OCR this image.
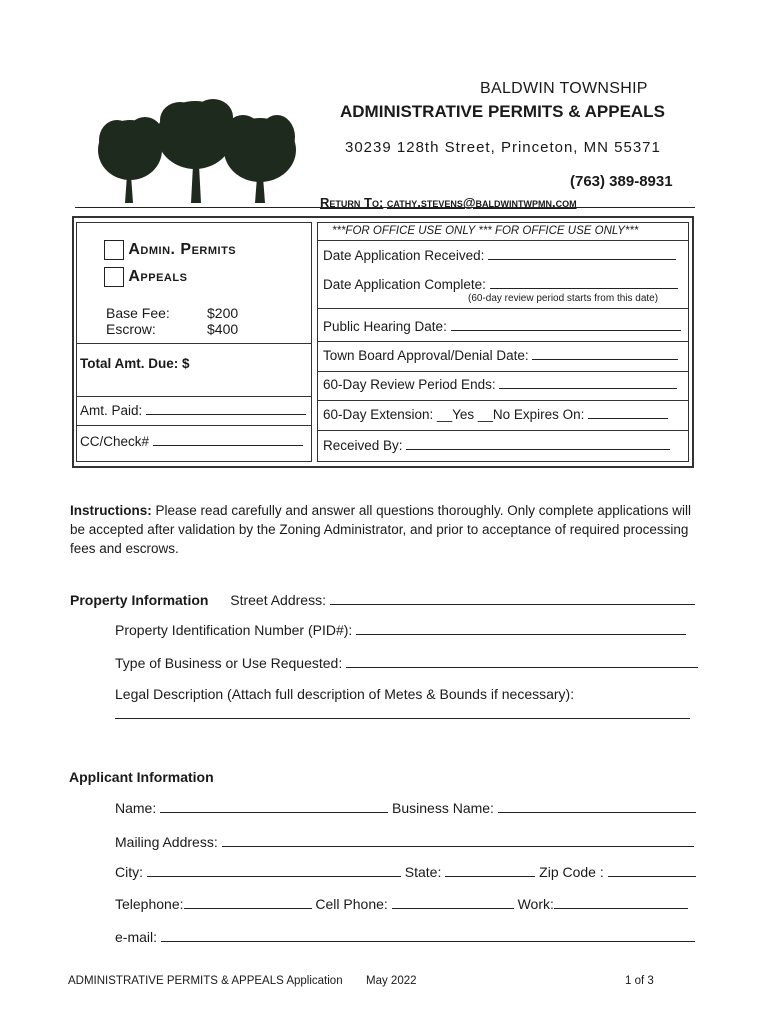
BALDWIN TOWNSHIP
ADMINISTRATIVE PERMITS & APPEALS
30239 128th Street, Princeton, MN 55371
(763) 389-8931
Return To: cathy.stevens@baldwintwpmn.com
Admin. Permits
Appeals
Base Fee:	$200
Escrow:	$400
Total Amt. Due: $
Amt. Paid:
CC/Check#
***FOR OFFICE USE ONLY *** FOR OFFICE USE ONLY***
Date Application Received:
Date Application Complete:
(60-day review period starts from this date)
Public Hearing Date:
Town Board Approval/Denial Date:
60-Day Review Period Ends:
60-Day Extension: __Yes __No Expires On:
Received By:
Instructions: Please read carefully and answer all questions thoroughly. Only complete applications will be accepted after validation by the Zoning Administrator, and prior to acceptance of required processing fees and escrows.
Property Information Street Address:
Property Identification Number (PID#):
Type of Business or Use Requested:
Legal Description (Attach full description of Metes & Bounds if necessary):
Applicant Information
Name:	Business Name:
Mailing Address:
City:	State:	Zip Code :
Telephone:	Cell Phone:	Work:
e-mail:
ADMINISTRATIVE PERMITS & APPEALS Application May 2022	1 of 3
